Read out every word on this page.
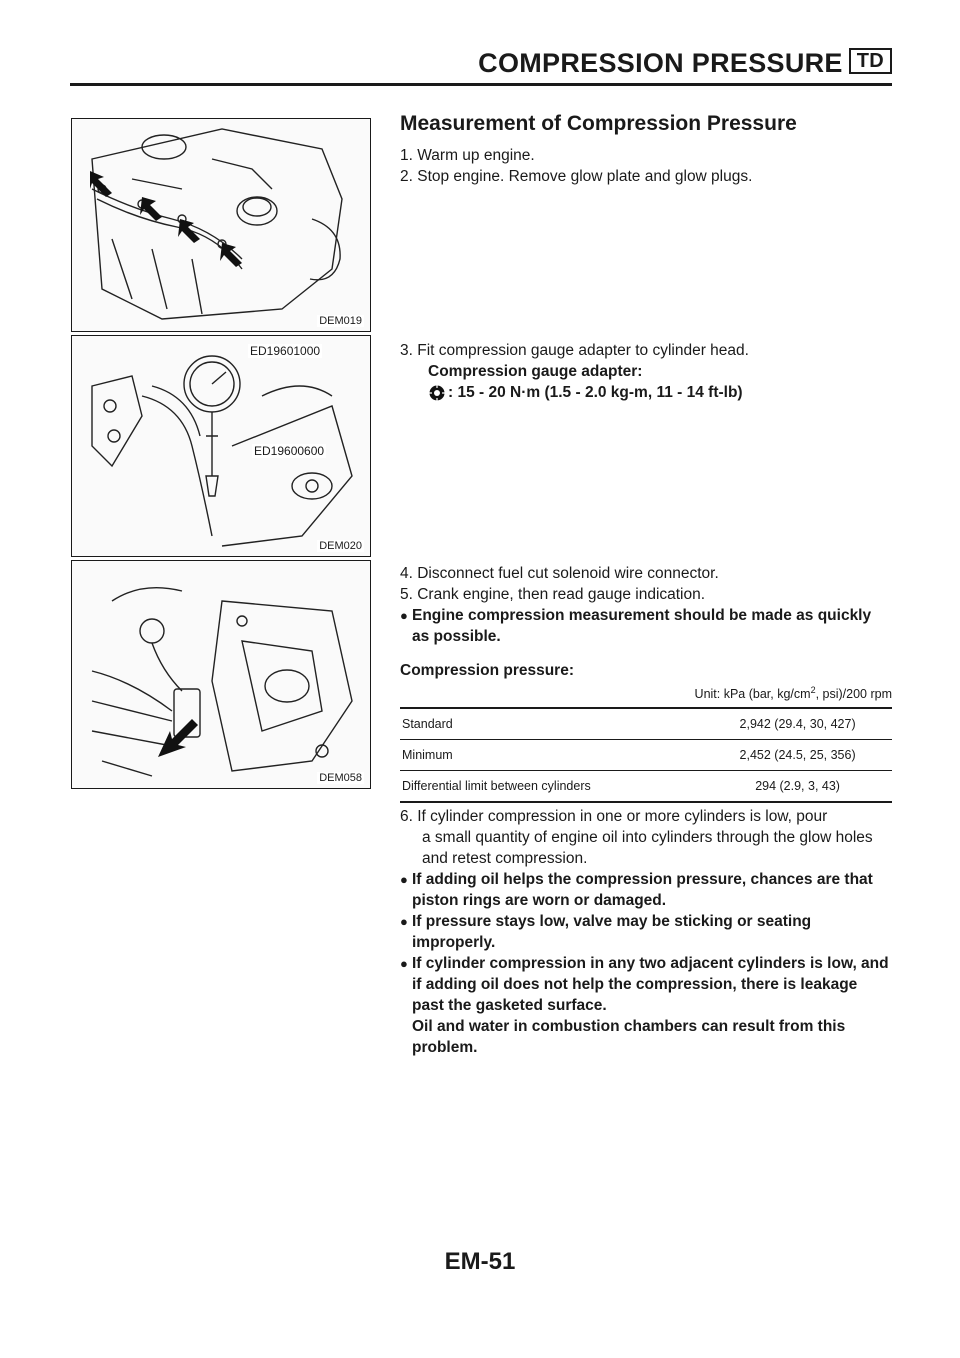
COMPRESSION PRESSURE TD
DEM019
ED19601000
ED19600600
DEM020
DEM058
Measurement of Compression Pressure

1. Warm up engine.

2. Stop engine. Remove glow plate and glow plugs.

3. Fit compression gauge adapter to cylinder head.

Compression gauge adapter:

: 15 - 20 N·m (1.5 - 2.0 kg-m, 11 - 14 ft-lb)

4. Disconnect fuel cut solenoid wire connector.

5. Crank engine, then read gauge indication.

● Engine compression measurement should be made as quickly as possible.

Compression pressure:

Unit: kPa (bar, $kg/cm^2$, psi)/200 rpm
Standard	2,942 (29.4, 30, 427)
Minimum	2,452 (24.5, 25, 356)
Differential limit between cylinders	294 (2.9, 3, 43)

6. If cylinder compression in one or more cylinders is low, pour

a small quantity of engine oil into cylinders through the glow holes and retest compression.

● If adding oil helps the compression pressure, chances are that piston rings are worn or damaged.
● If pressure stays low, valve may be sticking or seating improperly.
● If cylinder compression in any two adjacent cylinders is low, and if adding oil does not help the compression, there is leakage past the gasketed surface.

Oil and water in combustion chambers can result from this problem.

EM-51
